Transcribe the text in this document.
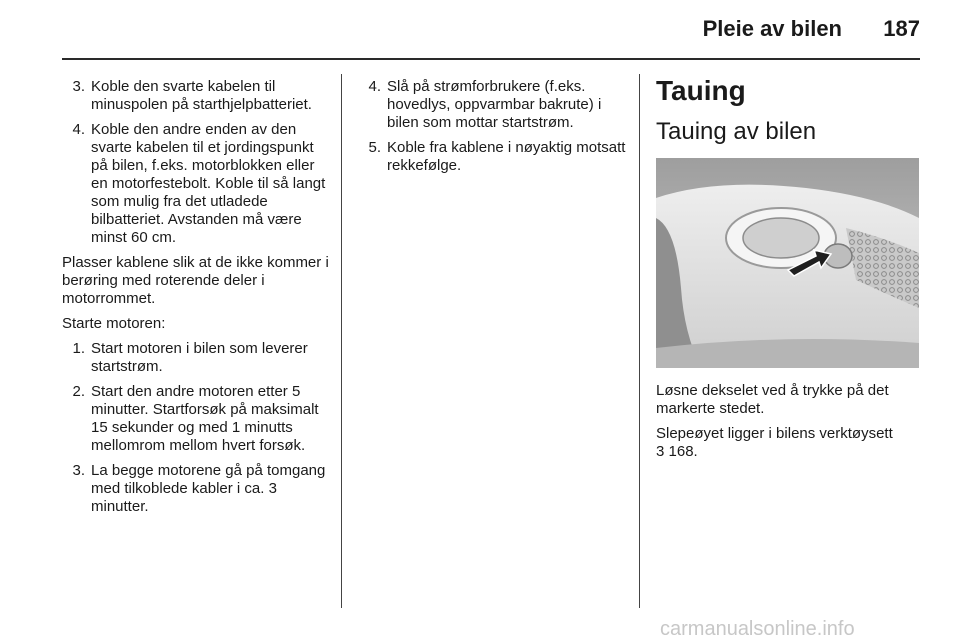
Pleie av bilen	187
3. Koble den svarte kabelen til minuspolen på starthjelpbatteriet.
4. Koble den andre enden av den svarte kabelen til et jordingspunkt på bilen, f.eks. motorblokken eller en motorfestebolt. Koble til så langt som mulig fra det utladede bilbatteriet. Avstanden må være minst 60 cm.

Plasser kablene slik at de ikke kommer i berøring med roterende deler i motorrommet.

Starte motoren:

1. Start motoren i bilen som leverer startstrøm.
2. Start den andre motoren etter 5 minutter. Startforsøk på maksimalt 15 sekunder og med 1 minutts mellomrom mellom hvert forsøk.
3. La begge motorene gå på tomgang med tilkoblede kabler i ca. 3 minutter.
4. Slå på strømforbrukere (f.eks. hovedlys, oppvarmbar bakrute) i bilen som mottar startstrøm.
5. Koble fra kablene i nøyaktig motsatt rekkefølge.
Tauing
Tauing av bilen

Løsne dekselet ved å trykke på det markerte stedet.

Slepeøyet ligger i bilens verktøysett
3 168.

carmanualsonline.info
